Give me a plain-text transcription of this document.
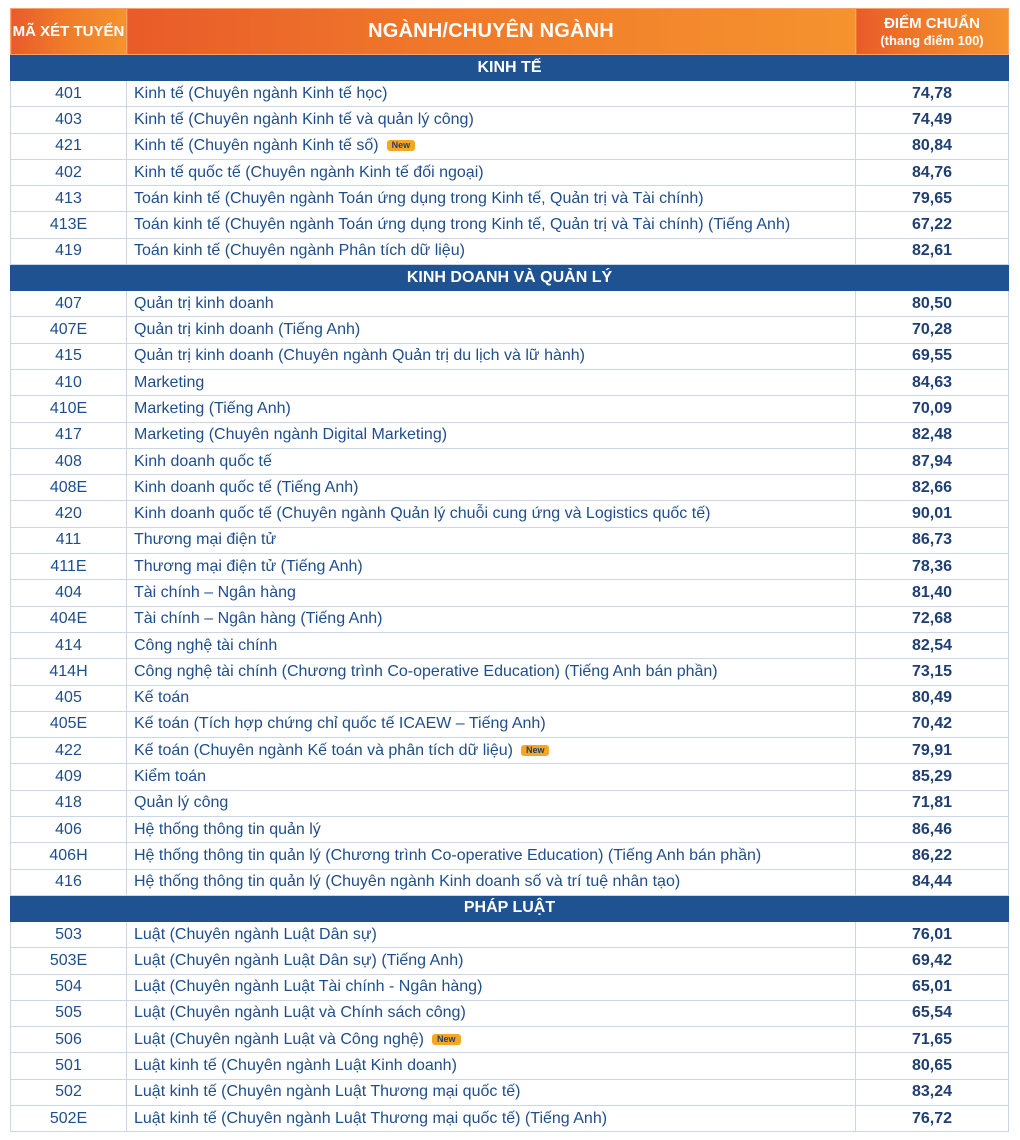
MÃ XÉT TUYỂN	NGÀNH/CHUYÊN NGÀNH	ĐIỂM CHUẨN
(thang điểm 100)

KINH TẾ		
401	Kinh tế (Chuyên ngành Kinh tế học)	74,78
403	Kinh tế (Chuyên ngành Kinh tế và quản lý công)	74,49
421	Kinh tế (Chuyên ngành Kinh tế số) New	80,84
402	Kinh tế quốc tế (Chuyên ngành Kinh tế đối ngoại)	84,76
413	Toán kinh tế (Chuyên ngành Toán ứng dụng trong Kinh tế, Quản trị và Tài chính)	79,65
413E	Toán kinh tế (Chuyên ngành Toán ứng dụng trong Kinh tế, Quản trị và Tài chính) (Tiếng Anh)	67,22
419	Toán kinh tế (Chuyên ngành Phân tích dữ liệu)	82,61
KINH DOANH VÀ QUẢN LÝ		
407	Quản trị kinh doanh	80,50
407E	Quản trị kinh doanh (Tiếng Anh)	70,28
415	Quản trị kinh doanh (Chuyên ngành Quản trị du lịch và lữ hành)	69,55
410	Marketing	84,63
410E	Marketing (Tiếng Anh)	70,09
417	Marketing (Chuyên ngành Digital Marketing)	82,48
408	Kinh doanh quốc tế	87,94
408E	Kinh doanh quốc tế (Tiếng Anh)	82,66
420	Kinh doanh quốc tế (Chuyên ngành Quản lý chuỗi cung ứng và Logistics quốc tế)	90,01
411	Thương mại điện tử	86,73
411E	Thương mại điện tử (Tiếng Anh)	78,36
404	Tài chính – Ngân hàng	81,40
404E	Tài chính – Ngân hàng (Tiếng Anh)	72,68
414	Công nghệ tài chính	82,54
414H	Công nghệ tài chính (Chương trình Co-operative Education) (Tiếng Anh bán phần)	73,15
405	Kế toán	80,49
405E	Kế toán (Tích hợp chứng chỉ quốc tế ICAEW – Tiếng Anh)	70,42
422	Kế toán (Chuyên ngành Kế toán và phân tích dữ liệu) New	79,91
409	Kiểm toán	85,29
418	Quản lý công	71,81
406	Hệ thống thông tin quản lý	86,46
406H	Hệ thống thông tin quản lý (Chương trình Co-operative Education) (Tiếng Anh bán phần)	86,22
416	Hệ thống thông tin quản lý (Chuyên ngành Kinh doanh số và trí tuệ nhân tạo)	84,44
PHÁP LUẬT		
503	Luật (Chuyên ngành Luật Dân sự)	76,01
503E	Luật (Chuyên ngành Luật Dân sự) (Tiếng Anh)	69,42
504	Luật (Chuyên ngành Luật Tài chính - Ngân hàng)	65,01
505	Luật (Chuyên ngành Luật và Chính sách công)	65,54
506	Luật (Chuyên ngành Luật và Công nghệ) New	71,65
501	Luật kinh tế (Chuyên ngành Luật Kinh doanh)	80,65
502	Luật kinh tế (Chuyên ngành Luật Thương mại quốc tế)	83,24
502E	Luật kinh tế (Chuyên ngành Luật Thương mại quốc tế) (Tiếng Anh)	76,72
